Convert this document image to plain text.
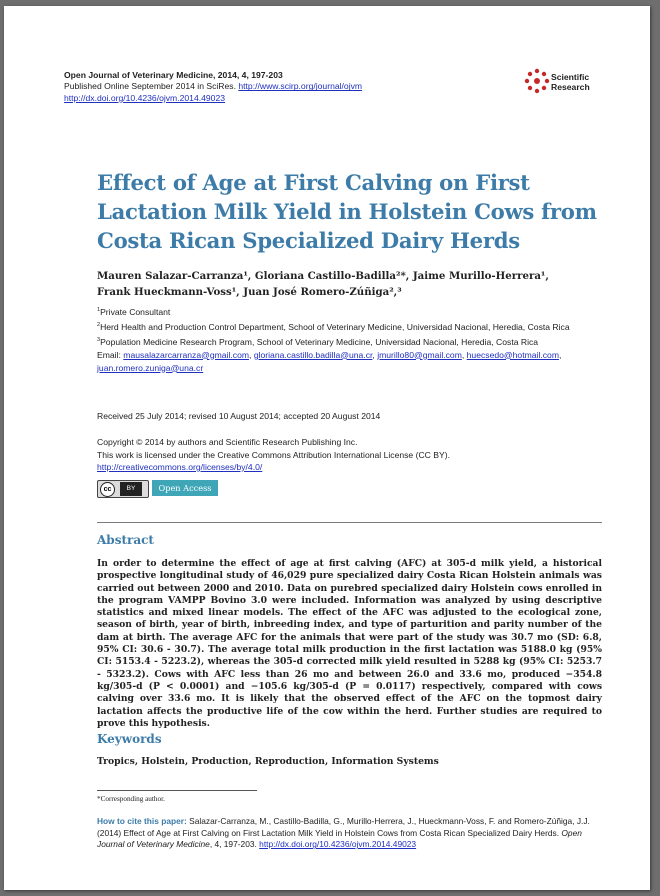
Open Journal of Veterinary Medicine, 2014, 4, 197-203
Published Online September 2014 in SciRes. http://www.scirp.org/journal/ojvm
http://dx.doi.org/10.4236/ojvm.2014.49023
Scientific
Research
Effect of Age at First Calving on First Lactation Milk Yield in Holstein Cows from Costa Rican Specialized Dairy Herds
Mauren Salazar-Carranza¹, Gloriana Castillo-Badilla²*, Jaime Murillo-Herrera¹,
Frank Hueckmann-Voss¹, Juan José Romero-Zúñiga²,³
$^1$Private Consultant
$^2$Herd Health and Production Control Department, School of Veterinary Medicine, Universidad Nacional, Heredia, Costa Rica
$^3$Population Medicine Research Program, School of Veterinary Medicine, Universidad Nacional, Heredia, Costa Rica
Email: mausalazarcarranza@gmail.com, gloriana.castillo.badilla@una.cr, jmurillo80@gmail.com, huecsedo@hotmail.com, juan.romero.zuniga@una.cr
Received 25 July 2014; revised 10 August 2014; accepted 20 August 2014
Copyright © 2014 by authors and Scientific Research Publishing Inc.
This work is licensed under the Creative Commons Attribution International License (CC BY).
http://creativecommons.org/licenses/by/4.0/
cc	BY	Open Access
Abstract
In order to determine the effect of age at first calving (AFC) at 305-d milk yield, a historical prospective longitudinal study of 46,029 pure specialized dairy Costa Rican Holstein animals was carried out between 2000 and 2010. Data on purebred specialized dairy Holstein cows enrolled in the program VAMPP Bovino 3.0 were included. Information was analyzed by using descriptive statistics and mixed linear models. The effect of the AFC was adjusted to the ecological zone, season of birth, year of birth, inbreeding index, and type of parturition and parity number of the dam at birth. The average AFC for the animals that were part of the study was 30.7 mo (SD: 6.8, 95% CI: 30.6 - 30.7). The average total milk production in the first lactation was 5188.0 kg (95% CI: 5153.4 - 5223.2), whereas the 305-d corrected milk yield resulted in 5288 kg (95% CI: 5253.7 - 5323.2). Cows with AFC less than 26 mo and between 26.0 and 33.6 mo, produced −354.8 kg/305-d (P < 0.0001) and −105.6 kg/305-d (P = 0.0117) respectively, compared with cows calving over 33.6 mo. It is likely that the observed effect of the AFC on the topmost dairy lactation affects the productive life of the cow within the herd. Further studies are required to prove this hypothesis.
Keywords
Tropics, Holstein, Production, Reproduction, Information Systems
*Corresponding author.
How to cite this paper: Salazar-Carranza, M., Castillo-Badilla, G., Murillo-Herrera, J., Hueckmann-Voss, F. and Romero-Zúñiga, J.J. (2014) Effect of Age at First Calving on First Lactation Milk Yield in Holstein Cows from Costa Rican Specialized Dairy Herds. Open Journal of Veterinary Medicine, 4, 197-203. http://dx.doi.org/10.4236/ojvm.2014.49023
